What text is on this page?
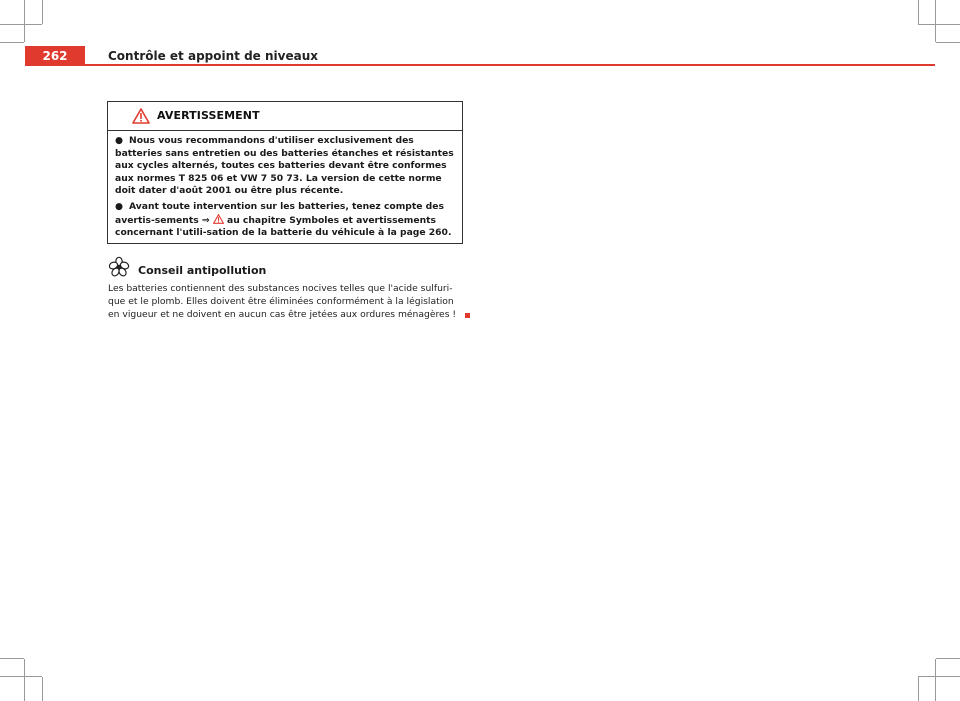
262	Contrôle et appoint de niveaux
AVERTISSEMENT

● Nous vous recommandons d'utiliser exclusivement des batteries sans entretien ou des batteries étanches et résistantes aux cycles alternés, toutes ces batteries devant être conformes aux normes T 825 06 et VW 7 50 73. La version de cette norme doit dater d'août 2001 ou être plus récente.

● Avant toute intervention sur les batteries, tenez compte des avertis-sements ⇒  au chapitre Symboles et avertissements concernant l'utili-sation de la batterie du véhicule à la page 260.

Conseil antipollution
Les batteries contiennent des substances nocives telles que l'acide sulfuri-que et le plomb. Elles doivent être éliminées conformément à la législation en vigueur et ne doivent en aucun cas être jetées aux ordures ménagères !
